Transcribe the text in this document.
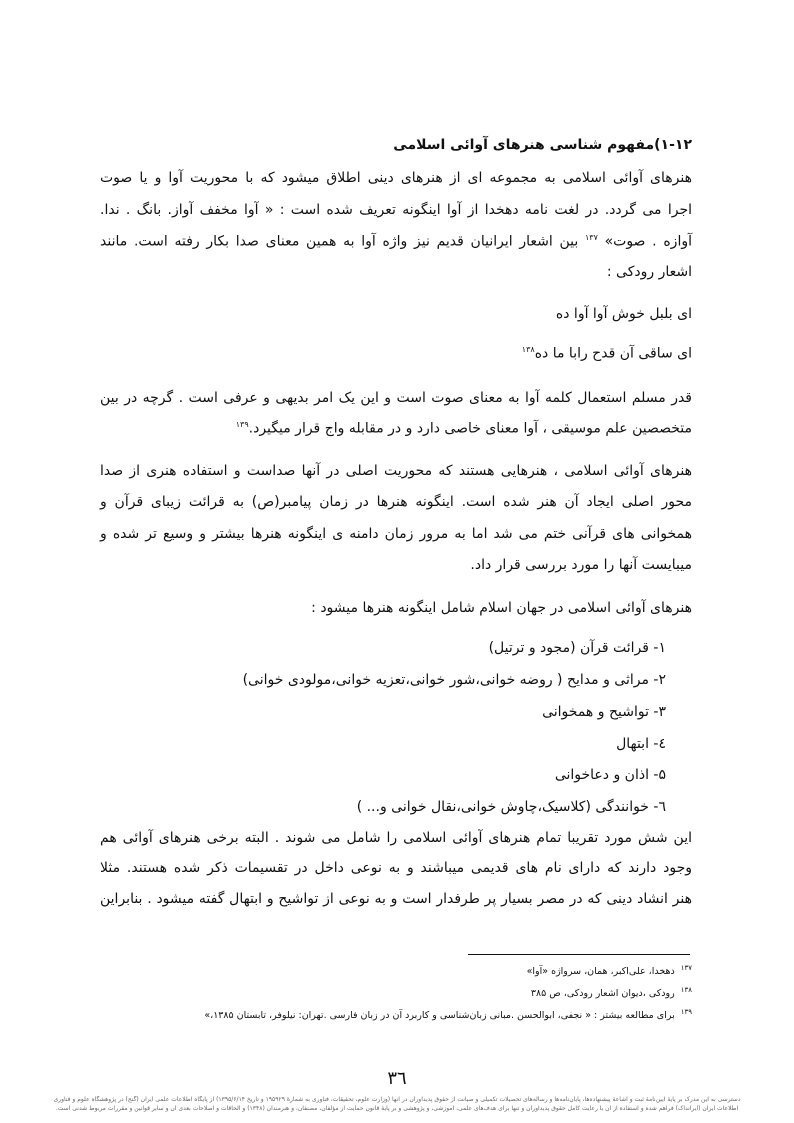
۱-۱۲)مفهوم شناسی هنرهای آوائی اسلامی
هنرهای آوائی اسلامی به مجموعه ای از هنرهای دینی اطلاق میشود که با محوریت آوا و یا صوت
اجرا می گردد. در لغت نامه دهخدا از آوا اینگونه تعریف شده است : « آوا مخفف آواز. بانگ . ندا.
آوازه . صوت» $^{۱۳۷}$ بین اشعار ایرانیان قدیم نیز واژه آوا به همین معنای صدا بکار رفته است. مانند
اشعار رودکی :
ای بلبل خوش آوا آوا ده
ای ساقی آن قدح رابا ما ده$^{۱۳۸}$
قدر مسلم استعمال کلمه آوا به معنای صوت است و این یک امر بدیهی و عرفی است . گرچه در بین
متخصصین علم موسیقی ، آوا معنای خاصی دارد و در مقابله واج قرار میگیرد.$^{۱۳۹}$
هنرهای آوائی اسلامی ، هنرهایی هستند که محوریت اصلی در آنها صداست و استفاده هنری از صدا
محور اصلی ایجاد آن هنر شده است. اینگونه هنرها در زمان پیامبر(ص) به قرائت زیبای قرآن و
همخوانی های قرآنی ختم می شد اما به مرور زمان دامنه ی اینگونه هنرها بیشتر و وسیع تر شده و
میبایست آنها را مورد بررسی قرار داد.
هنرهای آوائی اسلامی در جهان اسلام شامل اینگونه هنرها میشود :
۱- قرائت قرآن (مجود و ترتیل)
۲- مراثی و مدایح ( روضه خوانی،شور خوانی،تعزیه خوانی،مولودی خوانی)
۳- تواشیح و همخوانی
٤- ابتهال
۵- اذان و دعاخوانی
٦- خوانندگی (کلاسیک،چاوش خوانی،نقال خوانی و... )
این شش مورد تقریبا تمام هنرهای آوائی اسلامی را شامل می شوند . البته برخی هنرهای آوائی هم
وجود دارند که دارای نام های قدیمی میباشند و به نوعی داخل در تقسیمات ذکر شده هستند. مثلا
هنر انشاد دینی که در مصر بسیار پر طرفدار است و به نوعی از تواشیح و ابتهال گفته میشود . بنابراین
$^{۱۳۷}$دهخدا، علی‌اکبر، همان، سرواژه «آوا»
$^{۱۳۸}$رودکی ،دیوان اشعار رودکی، ص ۳۸۵
$^{۱۳۹}$برای مطالعه بیشتر : « نجفی، ابوالحسن .مبانی زبان‌شناسی و کاربرد آن در زبان فارسی .تهران: نیلوفر، تابستان ۱۳۸۵،»
۳٦
دسترسی به این مدرک بر پایهٔ آیین‌نامهٔ ثبت و اشاعهٔ پیشنهاده‌ها، پایان‌نامه‌ها و رساله‌های تحصیلات تکمیلی و صیانت از حقوق پدیدآوران در آنها (وزارت علوم، تحقیقات، فناوری به شمارهٔ ۱۹۵۹۲۹ و تاریخ ۱۳۹۵/۶/۱۴) از پایگاه اطلاعات علمی ایران (گنج) در پژوهشگاه علوم و فناوری
اطلاعات ایران (ایرانداک) فراهم شده و استفاده از آن با رعایت کامل حقوق پدیدآوران و تنها برای هدف‌های علمی، آموزشی، و پژوهشی و بر پایهٔ قانون حمایت از مؤلفان، مصنفان، و هنرمندان (۱۳۴۸) و الحاقات و اصلاحات بعدی آن و سایر قوانین و مقررات مربوط شدنی است.
